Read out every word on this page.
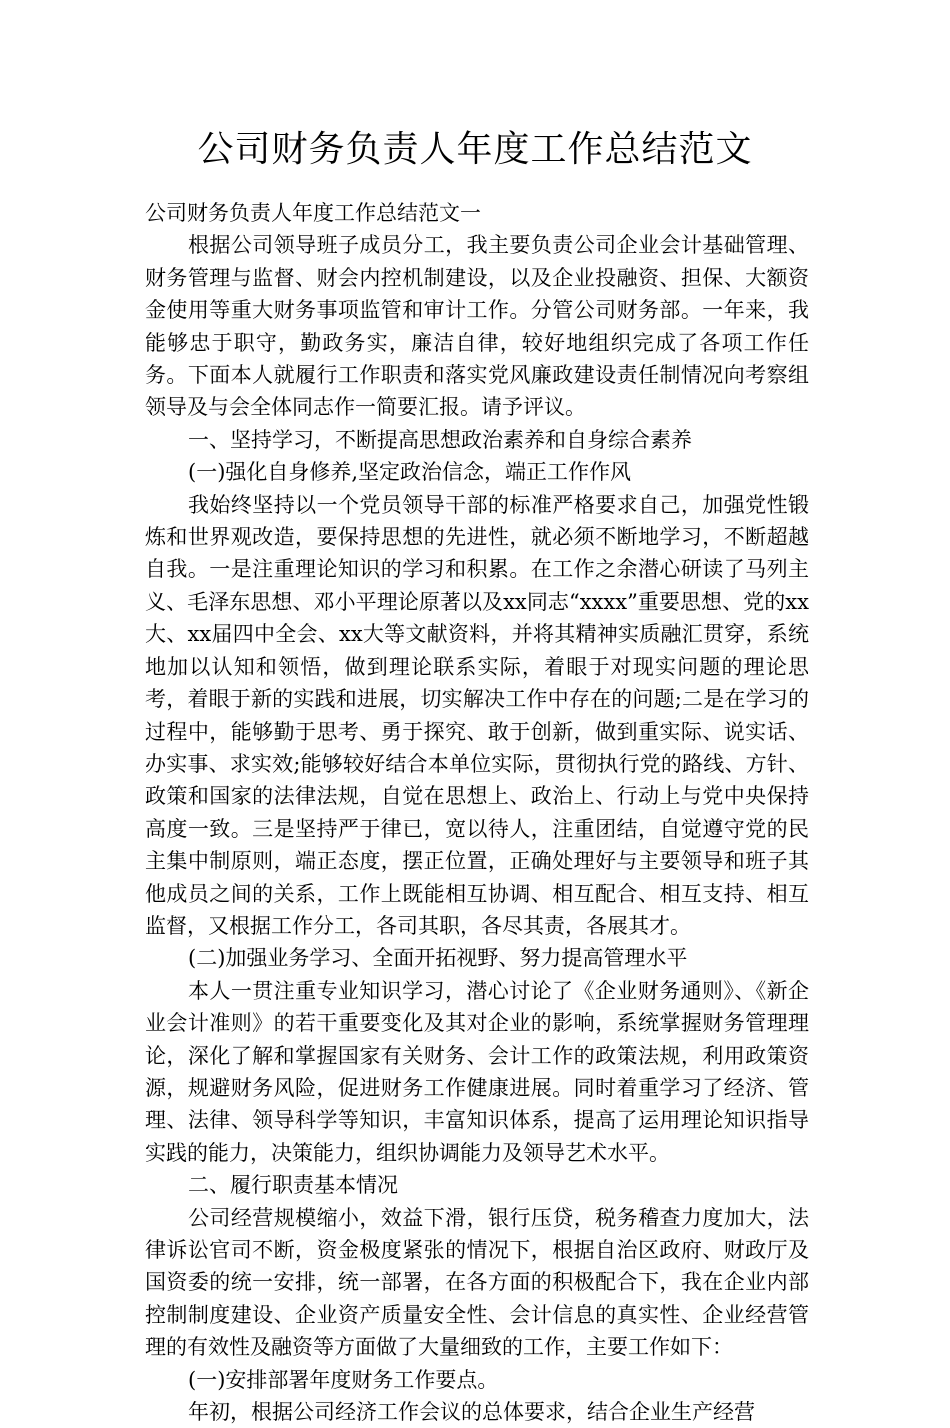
公司财务负责人年度工作总结范文

公司财务负责人年度工作总结范文一

根据公司领导班子成员分工，我主要负责公司企业会计基础管理、财务管理与监督、财会内控机制建设，以及企业投融资、担保、大额资金使用等重大财务事项监管和审计工作。分管公司财务部。一年来，我能够忠于职守，勤政务实，廉洁自律，较好地组织完成了各项工作任务。下面本人就履行工作职责和落实党风廉政建设责任制情况向考察组领导及与会全体同志作一简要汇报。请予评议。

一、坚持学习，不断提高思想政治素养和自身综合素养

(一)强化自身修养,坚定政治信念，端正工作作风

我始终坚持以一个党员领导干部的标准严格要求自己，加强党性锻炼和世界观改造，要保持思想的先进性，就必须不断地学习，不断超越自我。一是注重理论知识的学习和积累。在工作之余潜心研读了马列主义、毛泽东思想、邓小平理论原著以及xx同志“xxxx”重要思想、党的xx大、xx届四中全会、xx大等文献资料，并将其精神实质融汇贯穿，系统地加以认知和领悟，做到理论联系实际，着眼于对现实问题的理论思考，着眼于新的实践和进展，切实解决工作中存在的问题;二是在学习的过程中，能够勤于思考、勇于探究、敢于创新，做到重实际、说实话、办实事、求实效;能够较好结合本单位实际，贯彻执行党的路线、方针、政策和国家的法律法规，自觉在思想上、政治上、行动上与党中央保持高度一致。三是坚持严于律已，宽以待人，注重团结，自觉遵守党的民主集中制原则，端正态度，摆正位置，正确处理好与主要领导和班子其他成员之间的关系，工作上既能相互协调、相互配合、相互支持、相互监督，又根据工作分工，各司其职，各尽其责，各展其才。

(二)加强业务学习、全面开拓视野、努力提高管理水平

本人一贯注重专业知识学习，潜心讨论了《企业财务通则》、《新企业会计准则》的若干重要变化及其对企业的影响，系统掌握财务管理理论，深化了解和掌握国家有关财务、会计工作的政策法规，利用政策资源，规避财务风险，促进财务工作健康进展。同时着重学习了经济、管理、法律、领导科学等知识，丰富知识体系，提高了运用理论知识指导实践的能力，决策能力，组织协调能力及领导艺术水平。

二、履行职责基本情况

公司经营规模缩小，效益下滑，银行压贷，税务稽查力度加大，法律诉讼官司不断，资金极度紧张的情况下，根据自治区政府、财政厅及国资委的统一安排，统一部署，在各方面的积极配合下，我在企业内部控制制度建设、企业资产质量安全性、会计信息的真实性、企业经营管理的有效性及融资等方面做了大量细致的工作，主要工作如下：

(一)安排部署年度财务工作要点。

年初，根据公司经济工作会议的总体要求，结合企业生产经营
